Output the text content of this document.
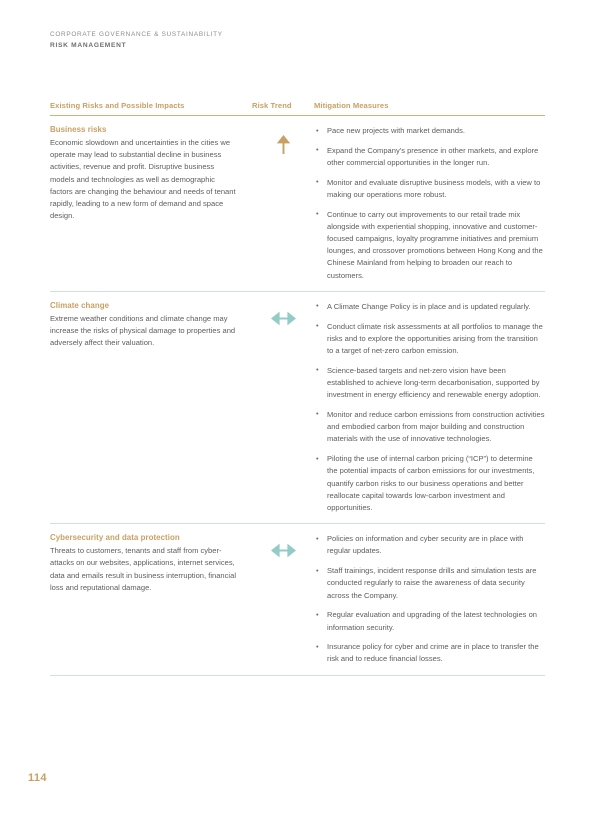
CORPORATE GOVERNANCE & SUSTAINABILITY
RISK MANAGEMENT
Existing Risks and Possible Impacts	Risk Trend	Mitigation Measures
Business risks
Economic slowdown and uncertainties in the cities we operate may lead to substantial decline in business activities, revenue and profit. Disruptive business models and technologies as well as demographic factors are changing the behaviour and needs of tenant rapidly, leading to a new form of demand and space design.
• Pace new projects with market demands.
• Expand the Company's presence in other markets, and explore other commercial opportunities in the longer run.
• Monitor and evaluate disruptive business models, with a view to making our operations more robust.
• Continue to carry out improvements to our retail trade mix alongside with experiential shopping, innovative and customer-focused campaigns, loyalty programme initiatives and premium lounges, and crossover promotions between Hong Kong and the Chinese Mainland from helping to broaden our reach to customers.
Climate change
Extreme weather conditions and climate change may increase the risks of physical damage to properties and adversely affect their valuation.
• A Climate Change Policy is in place and is updated regularly.
• Conduct climate risk assessments at all portfolios to manage the risks and to explore the opportunities arising from the transition to a target of net-zero carbon emission.
• Science-based targets and net-zero vision have been established to achieve long-term decarbonisation, supported by investment in energy efficiency and renewable energy adoption.
• Monitor and reduce carbon emissions from construction activities and embodied carbon from major building and construction materials with the use of innovative technologies.
• Piloting the use of internal carbon pricing (“ICP”) to determine the potential impacts of carbon emissions for our investments, quantify carbon risks to our business operations and better reallocate capital towards low-carbon investment and opportunities.
Cybersecurity and data protection
Threats to customers, tenants and staff from cyber-attacks on our websites, applications, internet services, data and emails result in business interruption, financial loss and reputational damage.
• Policies on information and cyber security are in place with regular updates.
• Staff trainings, incident response drills and simulation tests are conducted regularly to raise the awareness of data security across the Company.
• Regular evaluation and upgrading of the latest technologies on information security.
• Insurance policy for cyber and crime are in place to transfer the risk and to reduce financial losses.
114
